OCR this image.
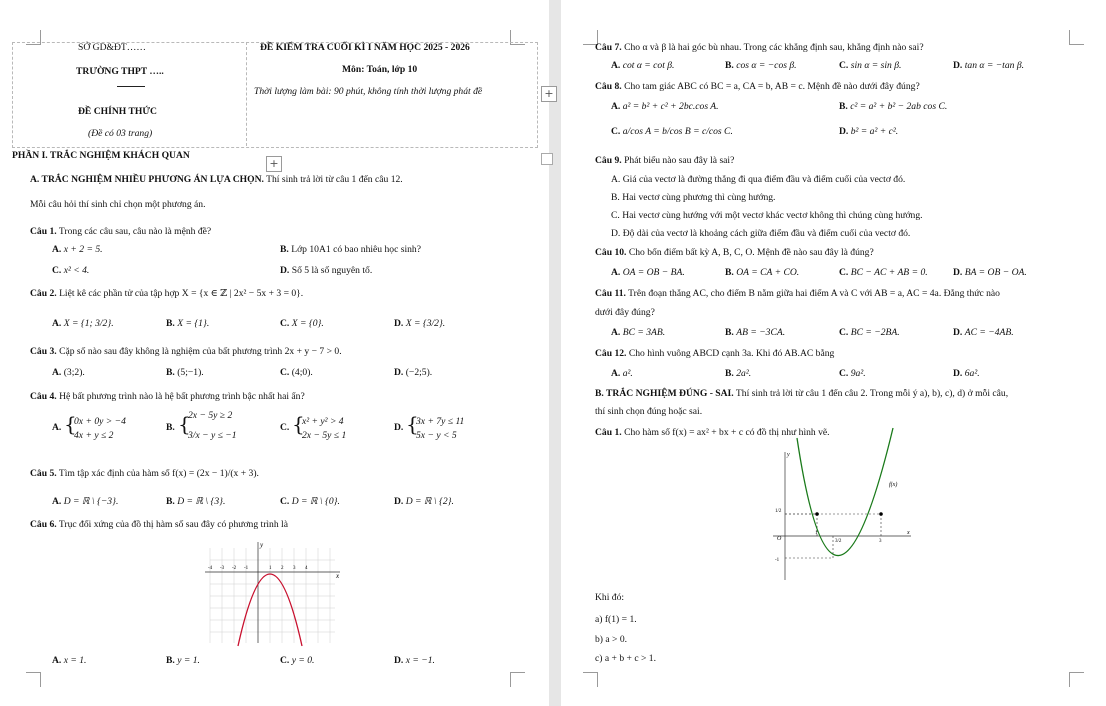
SỞ GD&ĐT……
TRƯỜNG THPT …..
ĐỀ CHÍNH THỨC
(Đề có 03 trang)
ĐỀ KIỂM TRA CUỐI KÌ I NĂM HỌC 2025 - 2026
Môn: Toán, lớp 10
Thời lượng làm bài: 90 phút, không tính thời lượng phát đề	+
+
PHẦN I. TRẮC NGHIỆM KHÁCH QUAN
A. TRẮC NGHIỆM NHIỀU PHƯƠNG ÁN LỰA CHỌN. Thí sinh trả lời từ câu 1 đến câu 12.
Mỗi câu hỏi thí sinh chỉ chọn một phương án.
Câu 1. Trong các câu sau, câu nào là mệnh đề?
A. x + 2 = 5.	B. Lớp 10A1 có bao nhiêu học sinh?
C. x² < 4.	D. Số 5 là số nguyên tố.
Câu 2. Liệt kê các phần tử của tập hợp X = {x ∈ ℤ | 2x² − 5x + 3 = 0}.
A. X = {1; 3/2}.	B. X = {1}.	C. X = {0}.	D. X = {3/2}.
Câu 3. Cặp số nào sau đây không là nghiệm của bất phương trình 2x + y − 7 > 0.
A. (3;2).	B. (5;−1).	C. (4;0).	D. (−2;5).
Câu 4. Hệ bất phương trình nào là hệ bất phương trình bậc nhất hai ẩn?
A. {
0x + 0y > −4
4x + y ≤ 2
B. {
2x − 5y ≥ 2
3/x − y ≤ −1
C. {
x² + y² > 4
2x − 5y ≤ 1
D. {
3x + 7y ≤ 11
5x − y < 5
Câu 5. Tìm tập xác định của hàm số f(x) = (2x − 1)/(x + 3).
A. D = ℝ \ {−3}.	B. D = ℝ \ {3}.	C. D = ℝ \ {0}.	D. D = ℝ \ {2}.
Câu 6. Trục đối xứng của đồ thị hàm số sau đây có phương trình là
x
y
-4 -3 -2 -1	1 2 3 4
A. x = 1.	B. y = 1.	C. y = 0.	D. x = −1.
Câu 7. Cho α và β là hai góc bù nhau. Trong các khẳng định sau, khẳng định nào sai?
A. cot α = cot β.	B. cos α = −cos β.	C. sin α = sin β.	D. tan α = −tan β.
Câu 8. Cho tam giác ABC có BC = a, CA = b, AB = c. Mệnh đề nào dưới đây đúng?
A. a² = b² + c² + 2bc.cos A.	B. c² = a² + b² − 2ab cos C.
C. a/cos A = b/cos B = c/cos C.	D. b² = a² + c².
Câu 9. Phát biểu nào sau đây là sai?
A. Giá của vectơ là đường thẳng đi qua điểm đầu và điểm cuối của vectơ đó.
B. Hai vectơ cùng phương thì cùng hướng.
C. Hai vectơ cùng hướng với một vectơ khác vectơ không thì chúng cùng hướng.
D. Độ dài của vectơ là khoảng cách giữa điểm đầu và điểm cuối của vectơ đó.
Câu 10. Cho bốn điểm bất kỳ A, B, C, O. Mệnh đề nào sau đây là đúng?
A. OA = OB − BA.	B. OA = CA + CO.	C. BC − AC + AB = 0.	D. BA = OB − OA.
Câu 11. Trên đoạn thẳng AC, cho điểm B nằm giữa hai điểm A và C với AB = a, AC = 4a. Đẳng thức nào
dưới đây đúng?
A. BC = 3AB.	B. AB = −3CA.	C. BC = −2BA.	D. AC = −4AB.
Câu 12. Cho hình vuông ABCD cạnh 3a. Khi đó AB.AC bằng
A. a².	B. 2a².	C. 9a².	D. 6a².
B. TRẮC NGHIỆM ĐÚNG - SAI. Thí sinh trả lời từ câu 1 đến câu 2. Trong mỗi ý a), b), c), d) ở mỗi câu,
thí sinh chọn đúng hoặc sai.
Câu 1. Cho hàm số f(x) = ax² + bx + c có đồ thị như hình vẽ.
y
x
O
1/2
-1
1
3/2	3
f(x)
Khi đó:
a) f(1) = 1.
b) a > 0.
c) a + b + c > 1.
